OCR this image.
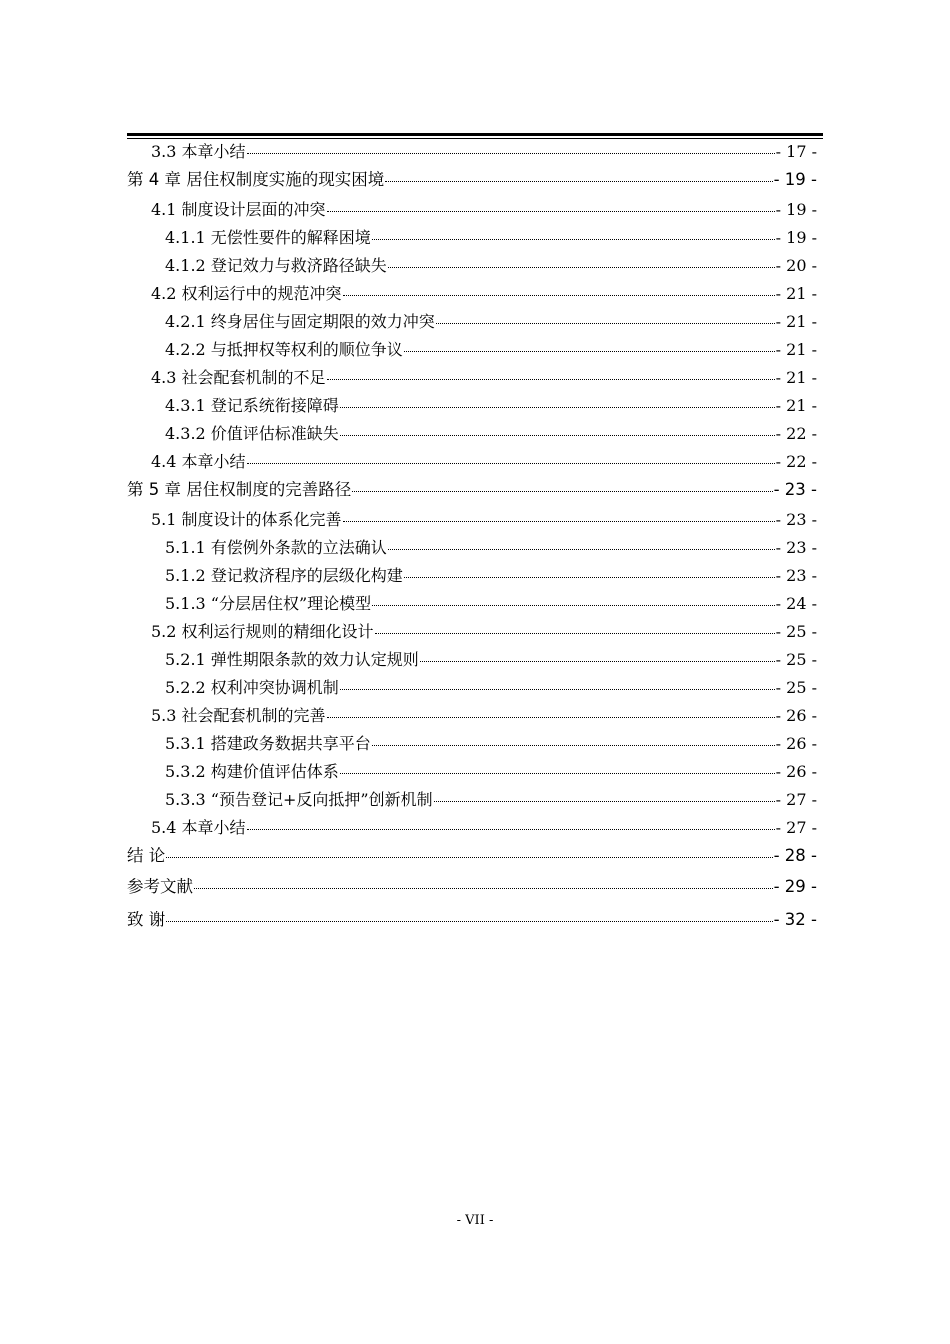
3.3 本章小结	- 17 -
第 4 章 居住权制度实施的现实困境	- 19 -
4.1 制度设计层面的冲突	- 19 -
4.1.1 无偿性要件的解释困境	- 19 -
4.1.2 登记效力与救济路径缺失	- 20 -
4.2 权利运行中的规范冲突	- 21 -
4.2.1 终身居住与固定期限的效力冲突	- 21 -
4.2.2 与抵押权等权利的顺位争议	- 21 -
4.3 社会配套机制的不足	- 21 -
4.3.1 登记系统衔接障碍	- 21 -
4.3.2 价值评估标准缺失	- 22 -
4.4 本章小结	- 22 -
第 5 章 居住权制度的完善路径	- 23 -
5.1 制度设计的体系化完善	- 23 -
5.1.1 有偿例外条款的立法确认	- 23 -
5.1.2 登记救济程序的层级化构建	- 23 -
5.1.3 “分层居住权”理论模型	- 24 -
5.2 权利运行规则的精细化设计	- 25 -
5.2.1 弹性期限条款的效力认定规则	- 25 -
5.2.2 权利冲突协调机制	- 25 -
5.3 社会配套机制的完善	- 26 -
5.3.1 搭建政务数据共享平台	- 26 -
5.3.2 构建价值评估体系	- 26 -
5.3.3 “预告登记+反向抵押”创新机制	- 27 -
5.4 本章小结	- 27 -
结 论	- 28 -
参考文献	- 29 -
致 谢	- 32 -
- VII -
